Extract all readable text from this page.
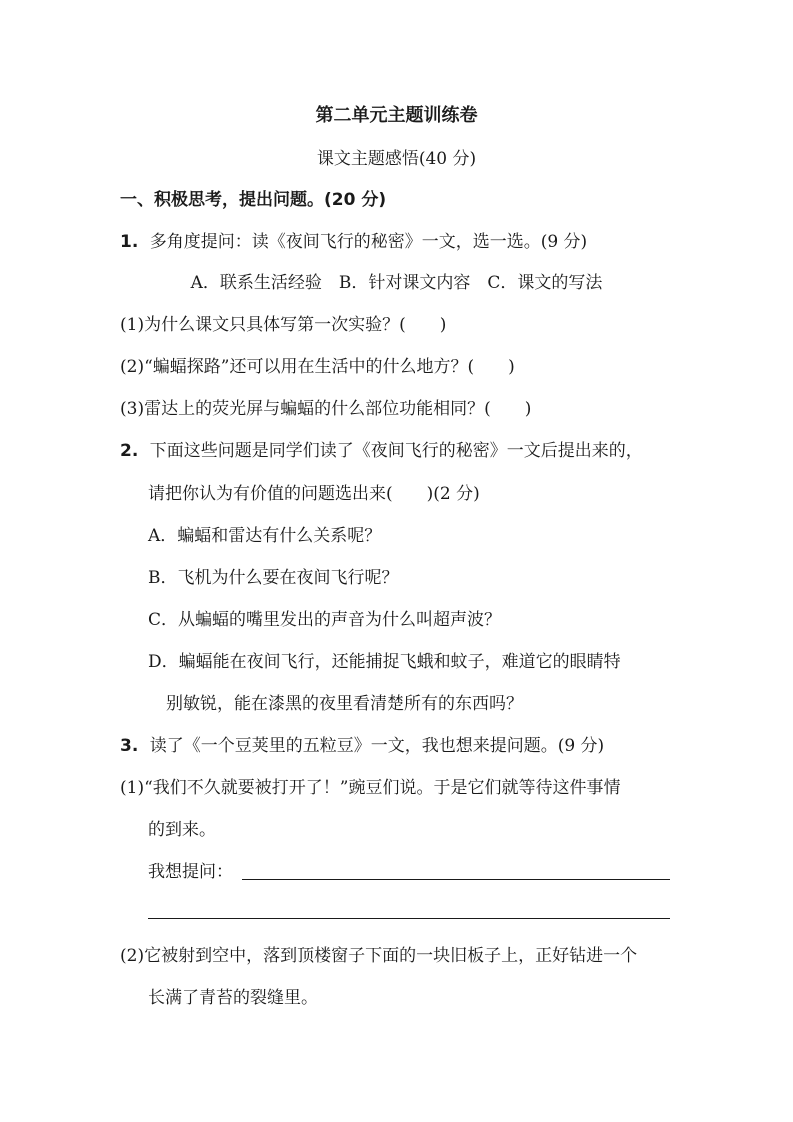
第二单元主题训练卷
课文主题感悟(40 分)
一、积极思考，提出问题。(20 分)
1. 多角度提问：读《夜间飞行的秘密》一文，选一选。(9 分)
A．联系生活经验　B．针对课文内容　C．课文的写法
(1)为什么课文只具体写第一次实验？(　　)
(2)“蝙蝠探路”还可以用在生活中的什么地方？(　　)
(3)雷达上的荧光屏与蝙蝠的什么部位功能相同？(　　)
2. 下面这些问题是同学们读了《夜间飞行的秘密》一文后提出来的，
请把你认为有价值的问题选出来(　　)(2 分)
A．蝙蝠和雷达有什么关系呢？
B．飞机为什么要在夜间飞行呢？
C．从蝙蝠的嘴里发出的声音为什么叫超声波？
D．蝙蝠能在夜间飞行，还能捕捉飞蛾和蚊子，难道它的眼睛特
别敏锐，能在漆黑的夜里看清楚所有的东西吗？
3. 读了《一个豆荚里的五粒豆》一文，我也想来提问题。(9 分)
(1)“我们不久就要被打开了！”豌豆们说。于是它们就等待这件事情
的到来。
我想提问：
(2)它被射到空中，落到顶楼窗子下面的一块旧板子上，正好钻进一个
长满了青苔的裂缝里。
